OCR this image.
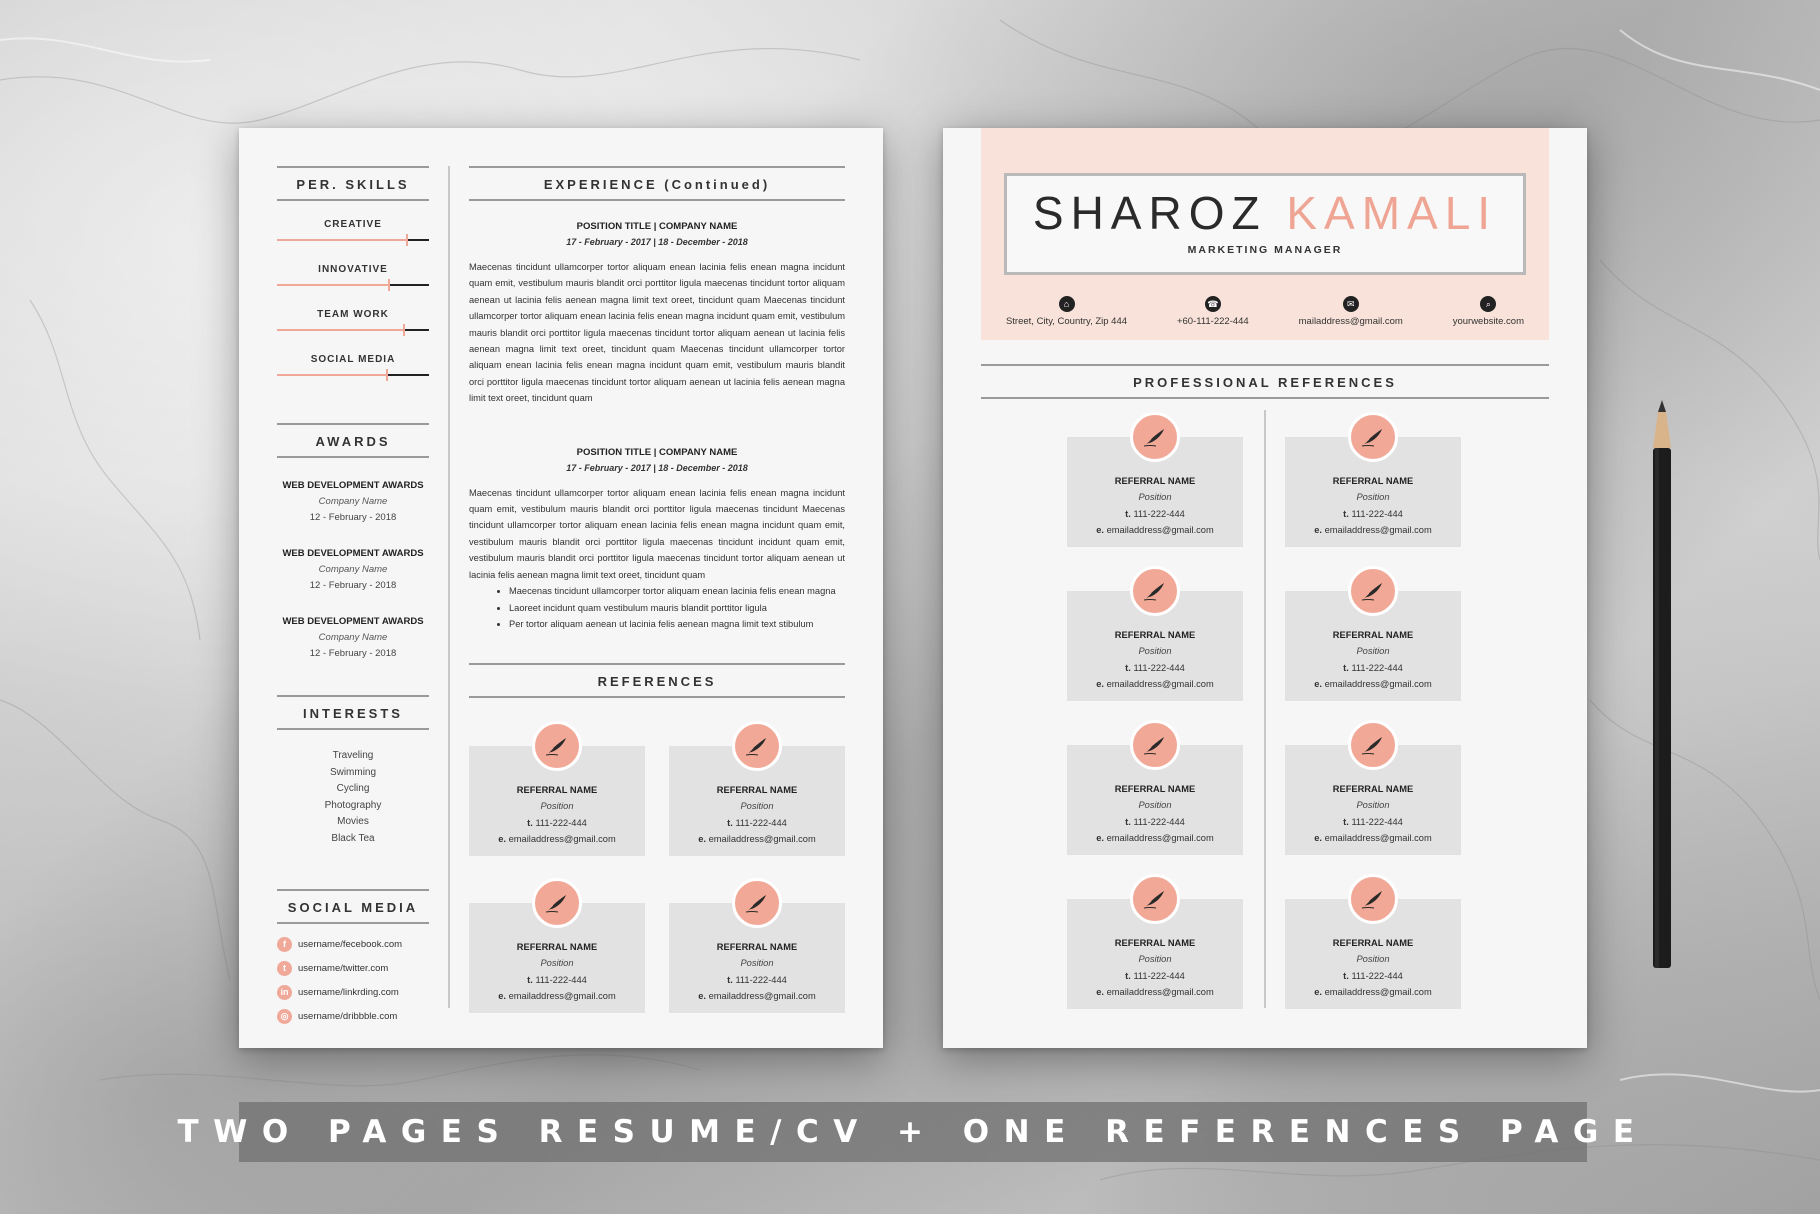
PER. SKILLS
CREATIVE
INNOVATIVE
TEAM WORK
SOCIAL MEDIA
AWARDS
WEB DEVELOPMENT AWARDS
Company Name
12 - February - 2018
WEB DEVELOPMENT AWARDS
Company Name
12 - February - 2018
WEB DEVELOPMENT AWARDS
Company Name
12 - February - 2018
INTERESTS
Traveling
Swimming
Cycling
Photography
Movies
Black Tea
SOCIAL MEDIA
f	username/fecebook.com
t	username/twitter.com
in	username/linkrding.com
◎	username/dribbble.com
EXPERIENCE (Continued)
POSITION TITLE | COMPANY NAME
17 - February - 2017 | 18 - December - 2018
Maecenas tincidunt ullamcorper tortor aliquam enean lacinia felis enean magna incidunt quam emit, vestibulum mauris blandit orci porttitor ligula maecenas tincidunt tortor aliquam aenean ut lacinia felis aenean magna limit text oreet, tincidunt quam Maecenas tincidunt ullamcorper tortor aliquam enean lacinia felis enean magna incidunt quam emit, vestibulum mauris blandit orci porttitor ligula maecenas tincidunt tortor aliquam aenean ut lacinia felis aenean magna limit text oreet, tincidunt quam Maecenas tincidunt ullamcorper tortor aliquam enean lacinia felis enean magna incidunt quam emit, vestibulum mauris blandit orci porttitor ligula maecenas tincidunt tortor aliquam aenean ut lacinia felis aenean magna limit text oreet, tincidunt quam
POSITION TITLE | COMPANY NAME
17 - February - 2017 | 18 - December - 2018
Maecenas tincidunt ullamcorper tortor aliquam enean lacinia felis enean magna incidunt quam emit, vestibulum mauris blandit orci porttitor ligula maecenas tincidunt Maecenas tincidunt ullamcorper tortor aliquam enean lacinia felis enean magna incidunt quam emit, vestibulum mauris blandit orci porttitor ligula maecenas tincidunt incidunt quam emit, vestibulum mauris blandit orci porttitor ligula maecenas tincidunt tortor aliquam aenean ut lacinia felis aenean magna limit text oreet, tincidunt quam
• Maecenas tincidunt ullamcorper tortor aliquam enean lacinia felis enean magna
• Laoreet incidunt quam vestibulum mauris blandit porttitor ligula
• Per tortor aliquam aenean ut lacinia felis aenean magna limit text stibulum
REFERENCES
REFERRAL NAME
Position
t. 111-222-444
e. emailaddress@gmail.com
REFERRAL NAME
Position
t. 111-222-444
e. emailaddress@gmail.com
REFERRAL NAME
Position
t. 111-222-444
e. emailaddress@gmail.com
REFERRAL NAME
Position
t. 111-222-444
e. emailaddress@gmail.com
SHAROZ KAMALI
MARKETING MANAGER
⌂
Street, City, Country, Zip 444
☎
+60-111-222-444
✉
mailaddress@gmail.com
⌕
yourwebsite.com
PROFESSIONAL REFERENCES
REFERRAL NAME
Position
t. 111-222-444
e. emailaddress@gmail.com
REFERRAL NAME
Position
t. 111-222-444
e. emailaddress@gmail.com
REFERRAL NAME
Position
t. 111-222-444
e. emailaddress@gmail.com
REFERRAL NAME
Position
t. 111-222-444
e. emailaddress@gmail.com
REFERRAL NAME
Position
t. 111-222-444
e. emailaddress@gmail.com
REFERRAL NAME
Position
t. 111-222-444
e. emailaddress@gmail.com
REFERRAL NAME
Position
t. 111-222-444
e. emailaddress@gmail.com
REFERRAL NAME
Position
t. 111-222-444
e. emailaddress@gmail.com
TWO PAGES RESUME/CV + ONE REFERENCES PAGE
